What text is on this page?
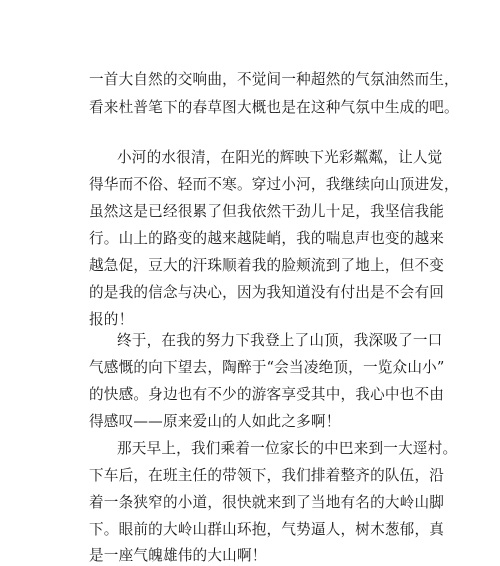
一首大自然的交响曲，不觉间一种超然的气氛油然而生，
看来杜普笔下的春草图大概也是在这种气氛中生成的吧。
小河的水很清，在阳光的辉映下光彩粼粼，让人觉
得华而不俗、轻而不寒。穿过小河，我继续向山顶进发，
虽然这是已经很累了但我依然干劲儿十足，我坚信我能
行。山上的路变的越来越陡峭，我的喘息声也变的越来
越急促，豆大的汗珠顺着我的脸颊流到了地上，但不变
的是我的信念与决心，因为我知道没有付出是不会有回
报的！
终于，在我的努力下我登上了山顶，我深吸了一口
气感慨的向下望去，陶醉于“会当凌绝顶，一览众山小”
的快感。身边也有不少的游客享受其中，我心中也不由
得感叹——原来爱山的人如此之多啊！
那天早上，我们乘着一位家长的中巴来到一大逕村。
下车后，在班主任的带领下，我们排着整齐的队伍，沿
着一条狭窄的小道，很快就来到了当地有名的大岭山脚
下。眼前的大岭山群山环抱，气势逼人，树木葱郁，真
是一座气魄雄伟的大山啊！
